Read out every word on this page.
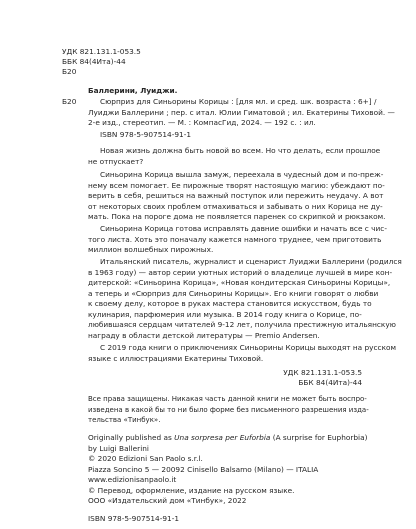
УДК 821.131.1-053.5
ББК 84(4Ита)-44
Б20
Б20
Баллерини, Луиджи.
Сюрприз для Синьорины Корицы : [для мл. и сред. шк. возраста : 6+] /
Луиджи Баллерини ; пер. с итал. Юлии Гиматовой ; ил. Екатерины Тиховой. —
2-е изд., стереотип. — М. : КомпасГид, 2024. — 192 с. : ил.
ISBN 978-5-907514-91-1
Новая жизнь должна быть новой во всем. Но что делать, если прошлое
не отпускает?
Синьорина Корица вышла замуж, переехала в чудесный дом и по-преж-
нему всем помогает. Ее пирожные творят настоящую магию: убеждают по-
верить в себя, решиться на важный поступок или пережить неудачу. А вот
от некоторых своих проблем отмахиваться и забывать о них Корица не ду-
мать. Пока на пороге дома не появляется паренек со скрипкой и рюкзаком.
Синьорина Корица готова исправлять давние ошибки и начать все с чис-
того листа. Хоть это поначалу кажется намного труднее, чем приготовить
миллион волшебных пирожных.
Итальянский писатель, журналист и сценарист Луиджи Баллерини (родился
в 1963 году) — автор серии уютных историй о владелице лучшей в мире кон-
дитерской: «Синьорина Корица», «Новая кондитерская Синьорины Корицы»,
а теперь и «Сюрприз для Синьорины Корицы». Его книги говорят о любви
к своему делу, которое в руках мастера становится искусством, будь то
кулинария, парфюмерия или музыка. В 2014 году книга о Корице, по-
любившаяся сердцам читателей 9-12 лет, получила престижную итальянскую
награду в области детской литературы — Premio Andersen.
С 2019 года книги о приключениях Синьорины Корицы выходят на русском
языке с иллюстрациями Екатерины Тиховой.
УДК 821.131.1-053.5
ББК 84(4Ита)-44
Все права защищены. Никакая часть данной книги не может быть воспро-
изведена в какой бы то ни было форме без письменного разрешения изда-
тельства «Тинбук».
Originally published as Una sorpresa per Euforbia (A surprise for Euphorbia)
by Luigi Ballerini
© 2020 Edizioni San Paolo s.r.l.
Piazza Soncino 5 — 20092 Cinisello Balsamo (Milano) — ITALIA
www.edizionisanpaolo.it
© Перевод, оформление, издание на русском языке.
ООО «Издательский дом «Тинбук», 2022
ISBN 978-5-907514-91-1
